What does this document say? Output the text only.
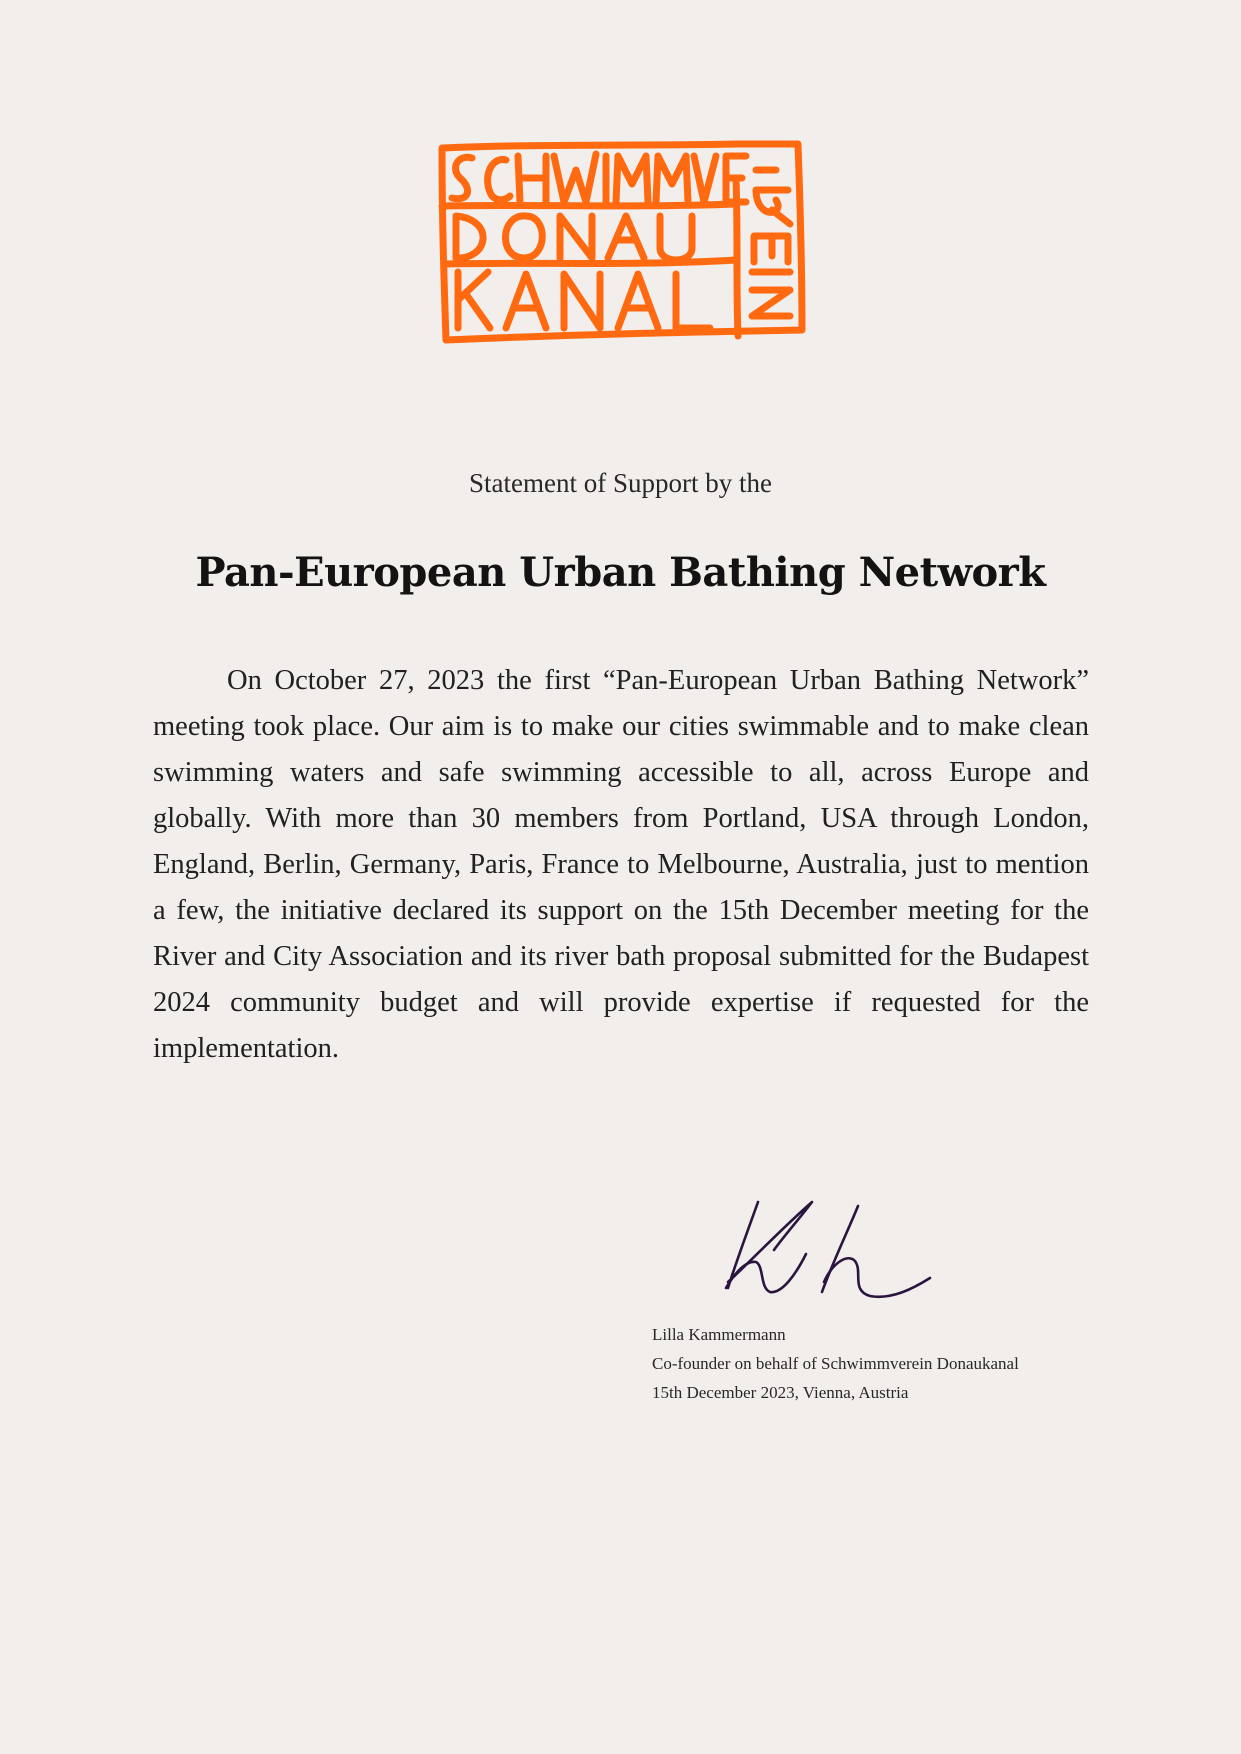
Statement of Support by the
Pan-European Urban Bathing Network

On October 27, 2023 the first “Pan-European Urban Bathing Network” meeting took place. Our aim is to make our cities swimmable and to make clean swimming waters and safe swimming accessible to all, across Europe and globally. With more than 30 members from Portland, USA through London, England, Berlin, Germany, Paris, France to Melbourne, Australia, just to mention a few, the initiative declared its support on the 15th December meeting for the River and City Association and its river bath proposal submitted for the Budapest 2024 community budget and will provide expertise if requested for the implementation.

Lilla Kammermann
Co-founder on behalf of Schwimmverein Donaukanal
15th December 2023, Vienna, Austria
